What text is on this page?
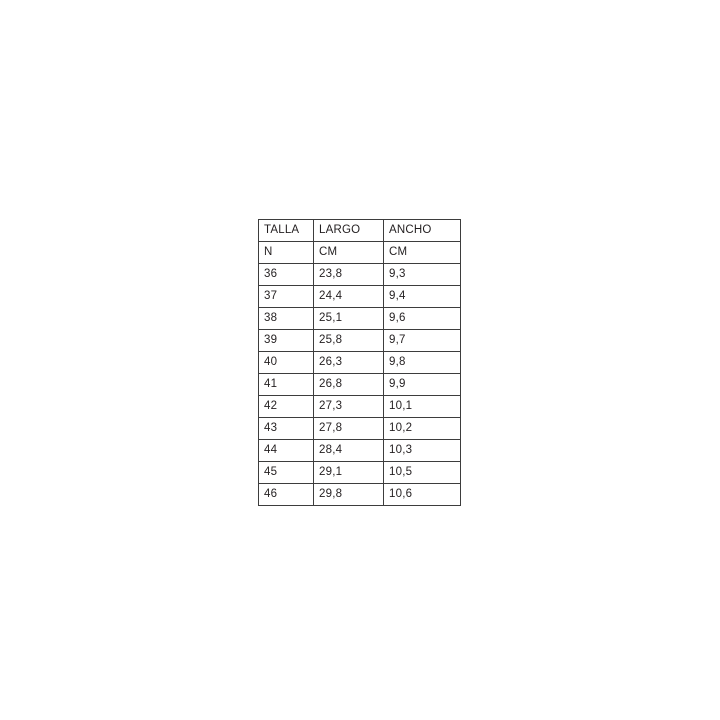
TALLA	LARGO	ANCHO
N	CM	CM
36	23,8	9,3
37	24,4	9,4
38	25,1	9,6
39	25,8	9,7
40	26,3	9,8
41	26,8	9,9
42	27,3	10,1
43	27,8	10,2
44	28,4	10,3
45	29,1	10,5
46	29,8	10,6
